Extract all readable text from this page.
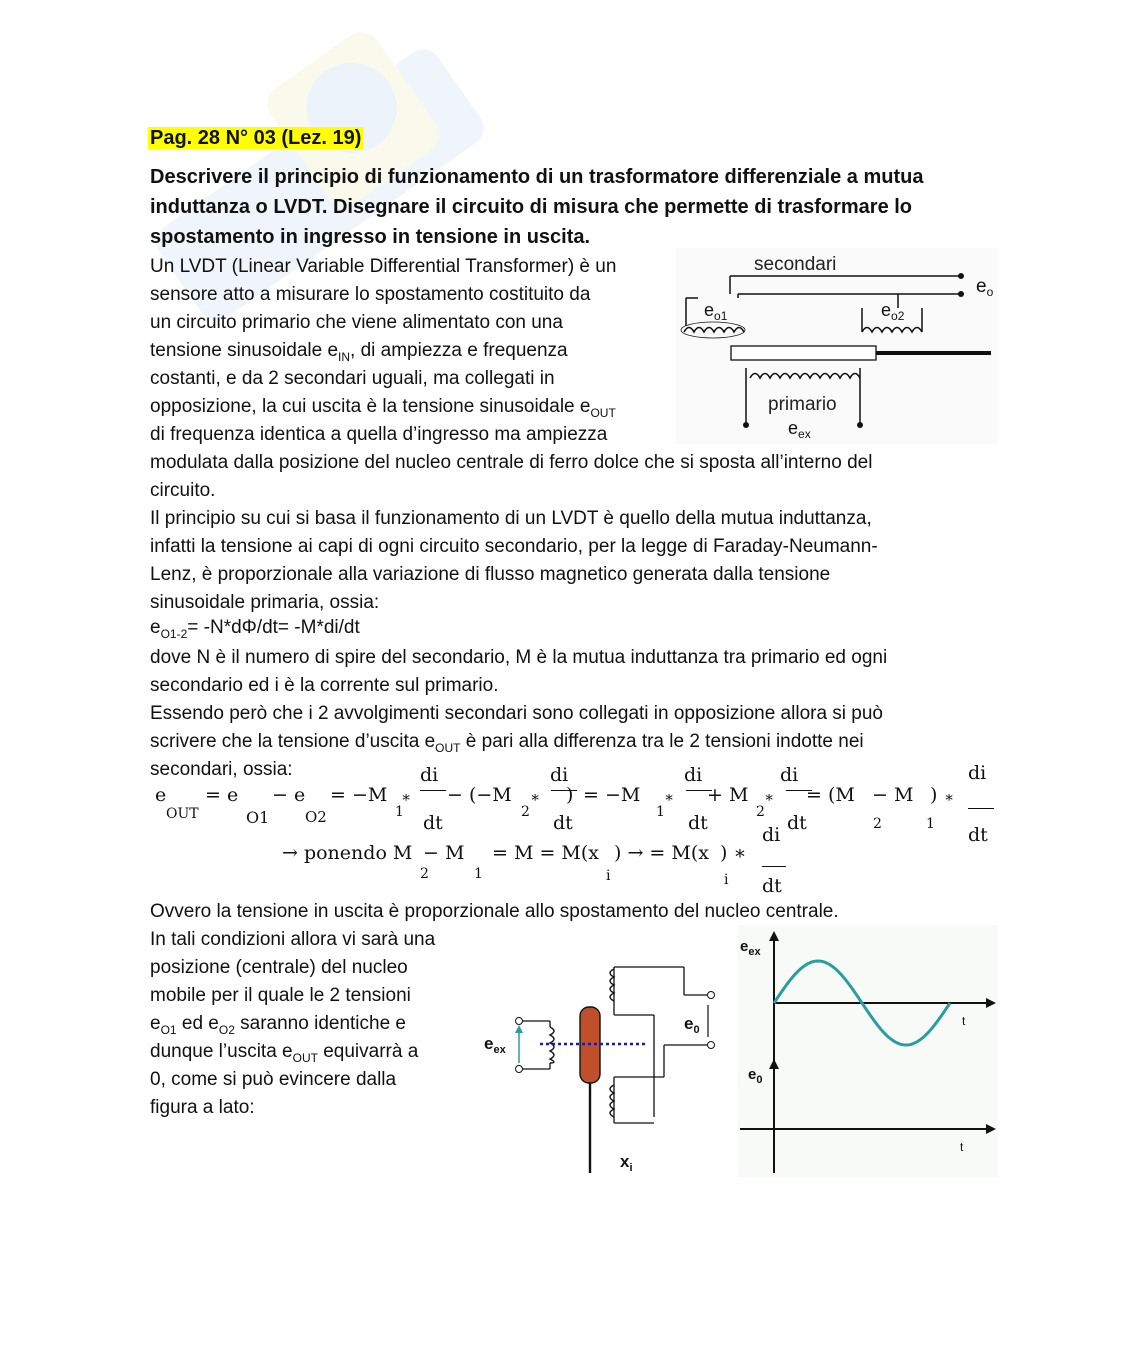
Pag. 28 N° 03 (Lez. 19)
Descrivere il principio di funzionamento di un trasformatore differenziale a mutua
induttanza o LVDT. Disegnare il circuito di misura che permette di trasformare lo
spostamento in ingresso in tensione in uscita.
Un LVDT (Linear Variable Differential Transformer) è un
sensore atto a misurare lo spostamento costituito da
un circuito primario che viene alimentato con una
tensione sinusoidale $e_{IN}$, di ampiezza e frequenza
costanti, e da 2 secondari uguali, ma collegati in
opposizione, la cui uscita è la tensione sinusoidale $e_{OUT}$
di frequenza identica a quella d’ingresso ma ampiezza
modulata dalla posizione del nucleo centrale di ferro dolce che si sposta all’interno del
circuito.
secondari
$e_o$
$e_{o1}$	$e_{o2}$
primario
$e_{ex}$
Il principio su cui si basa il funzionamento di un LVDT è quello della mutua induttanza,
infatti la tensione ai capi di ogni circuito secondario, per la legge di Faraday-Neumann-
Lenz, è proporzionale alla variazione di flusso magnetico generata dalla tensione
sinusoidale primaria, ossia:
$e_{O1-2}= -N*d\Phi/dt= -M*di/dt$
dove N è il numero di spire del secondario, M è la mutua induttanza tra primario ed ogni
secondario ed i è la corrente sul primario.
Essendo però che i 2 avvolgimenti secondari sono collegati in opposizione allora si può
scrivere che la tensione d’uscita $e_{OUT}$ è pari alla differenza tra le 2 tensioni indotte nei
secondari, ossia:
e
OUT
= e
O1
− e
O2
= −M
1
∗
di
dt
− (−M
2
∗
di
dt
) = −M
1
∗
di
dt
+ M
2
∗
di
di
dt
= (M − M
2	1
) ∗
di
dt
→ ponendo M − M
2	1
= M = M(x
i
) → = M(x
i
) ∗
dt
Ovvero la tensione in uscita è proporzionale allo spostamento del nucleo centrale.
In tali condizioni allora vi sarà una
posizione (centrale) del nucleo
mobile per il quale le 2 tensioni
$e_{O1}$ ed $e_{O2}$ saranno identiche e
dunque l’uscita $e_{OUT}$ equivarrà a
0, come si può evincere dalla
figura a lato:
$e_{ex}$
$x_i$
$e_0$
$e_{ex}$
t
$e_0$
t
